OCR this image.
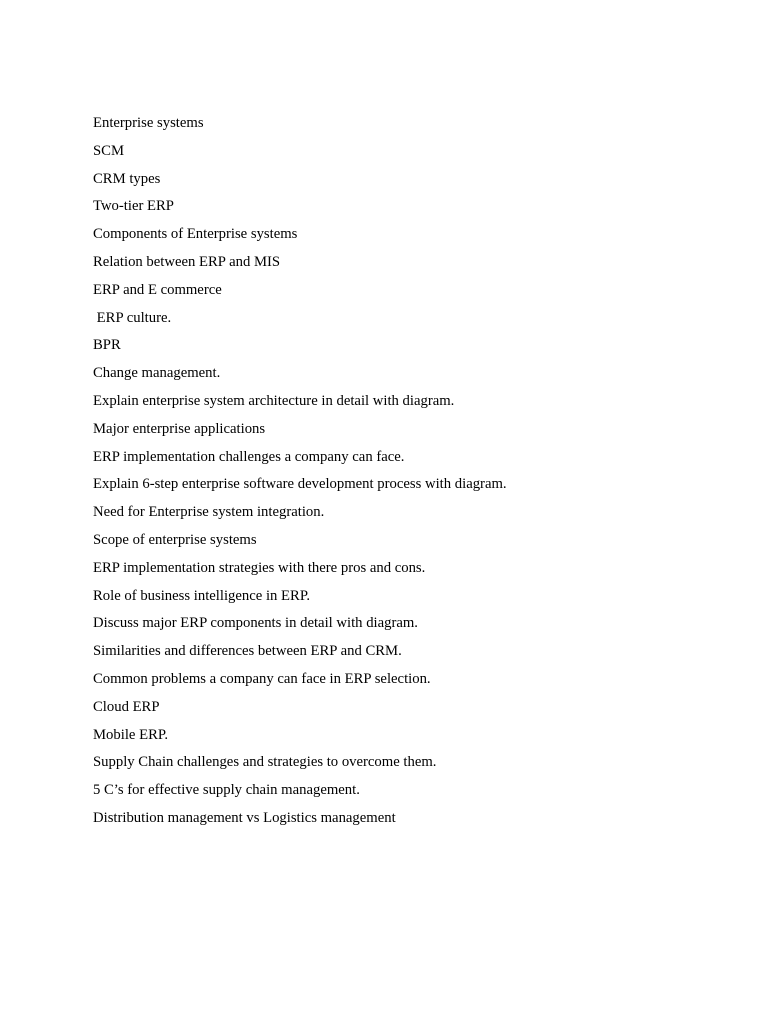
Enterprise systems
SCM
CRM types
Two-tier ERP
Components of Enterprise systems
Relation between ERP and MIS
ERP and E commerce
ERP culture.
BPR
Change management.
Explain enterprise system architecture in detail with diagram.
Major enterprise applications
ERP implementation challenges a company can face.
Explain 6-step enterprise software development process with diagram.
Need for Enterprise system integration.
Scope of enterprise systems
ERP implementation strategies with there pros and cons.
Role of business intelligence in ERP.
Discuss major ERP components in detail with diagram.
Similarities and differences between ERP and CRM.
Common problems a company can face in ERP selection.
Cloud ERP
Mobile ERP.
Supply Chain challenges and strategies to overcome them.
5 C’s for effective supply chain management.
Distribution management vs Logistics management
